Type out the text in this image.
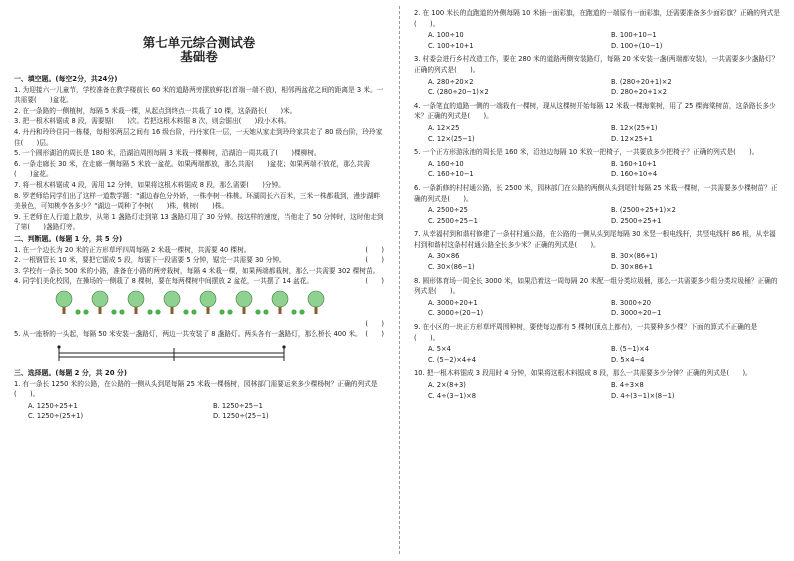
第七单元综合测试卷
基础卷
一、填空题。(每空2分，共24分)

1. 为迎接六一儿童节，学校准备在教学楼前长 60 米的道路两旁摆放鲜花(首端一端不放)，相邻两盆花之间的距离是 3 米。一共需要(　　)盆花。

2. 在一条路的一侧植树，每隔 5 米栽一棵，从起点到终点一共栽了 10 棵，这条路长(　　)米。

3. 把一根木料锯成 8 段，需要锯(　　)次。若把这根木料锯 8 次，则会锯出(　　)段小木料。

4. 丹丹和玲玲住同一栋楼，每相邻两层之间有 16 级台阶，丹丹家住一层，一天她从家走到玲玲家共走了 80 级台阶，玲玲家住(　　)层。

5. 一个圆形湖泊的周长是 180 米，沿湖泊周围每隔 3 米栽一棵柳树，沿湖泊一周共栽了(　　)棵柳树。

6. 一条走廊长 30 米，在走廊一侧每隔 5 米放一盆花。如果两端都放，那么共需(　　)盆花；如果两端不放花，那么共需(　　)盆花。

7. 将一根木料锯成 4 段，需用 12 分钟，如果将这根木料锯成 8 段，那么需要(　　)分钟。

8. 罗老师给同学们出了这样一道数学题："湖边春色分外娇，一株李树一株桃。环湖周长六百米，三米一株都栽到，漫步湖畔美景色，可知桃李各多少？"湖边一周种了李树(　　)株，桃树(　　)株。

9. 王老师在人行道上散步，从第 1 盏路灯走到第 13 盏路灯用了 30 分钟。按这样的速度，当他走了 50 分钟时，这时他走到了第(　　)盏路灯旁。

二、判断题。(每题 1 分，共 5 分)

1. 在一个边长为 20 米的正方形草坪四周每隔 2 米栽一棵树，共需要 40 棵树。	(　　)

2. 一根钢管长 10 米，要把它锯成 5 段，每锯下一段需要 5 分钟，锯完一共需要 30 分钟。	(　　)

3. 学校有一条长 500 米的小路，准备在小路的两旁栽树，每隔 4 米栽一棵，如果两端都栽树，那么一共需要 302 棵树苗。
(　　)

4. 同学们美化校园，在操场的一侧栽了 8 棵树，要在每两棵树中间摆放 2 盆花，一共摆了 14 盆花。

(　　)

5. 从一座桥的一头起，每隔 50 米安装一盏路灯，两边一共安装了 8 盏路灯。两头各有一盏路灯，那么桥长 400 米。 (　　)

三、选择题。(每题 2 分，共 20 分)

1. 有一条长 1250 米的公路，在公路的一侧从头到尾每隔 25 米栽一棵杨树，园林部门需要运来多少棵杨树？正确的列式是(　　)。

A. 1250÷25+1	B. 1250÷25−1
C. 1250÷(25+1)	D. 1250÷(25−1)

2. 在 100 米长的直跑道的外侧每隔 10 米插一面彩旗，在跑道的一端原有一面彩旗，还需要准备多少面彩旗？正确的列式是(　　)。

A. 100÷10	B. 100÷10−1
C. 100÷10+1	D. 100÷(10−1)

3. 村委会进行乡村改造工作，要在 280 米的道路两侧安装路灯，每隔 20 米安装一盏(两端都安装)，一共需要多少盏路灯？正确的列式是(　　)。

A. 280÷20×2	B. (280÷20+1)×2
C. (280÷20−1)×2	D. 280÷20+1×2

4. 一条笔直的道路一侧的一端栽有一棵树，现从这棵树开始每隔 12 米栽一棵海棠树，用了 25 棵海棠树苗，这条路长多少米？正确的列式是(　　)。

A. 12×25	B. 12×(25+1)
C. 12×(25−1)	D. 12×25+1

5. 一个正方形游泳池的周长是 160 米，沿池边每隔 10 米放一把椅子，一共要放多少把椅子？正确的列式是(　　)。

A. 160÷10	B. 160÷10+1
C. 160÷10−1	D. 160÷10÷4

6. 一条新修的村村通公路，长 2500 米，园林部门在公路的两侧从头到尾针每隔 25 米栽一棵树，一共需要多少棵树苗？正确的列式是(　　)。

A. 2500÷25	B. (2500÷25+1)×2
C. 2500÷25−1	D. 2500÷25+1

7. 从幸福村到和谐村修建了一条村村通公路，在公路的一侧从头到尾每隔 30 米竖一根电线杆，共竖电线杆 86 根，从幸福村到和谐村这条村村通公路全长多少米？正确的列式是(　　)。

A. 30×86	B. 30×(86+1)
C. 30×(86−1)	D. 30×86+1

8. 圆形体育场一周全长 3000 米，如果沿着这一周每隔 20 米配一组分类垃圾桶，那么一共需要多少组分类垃圾桶？正确的列式是(　　)。

A. 3000÷20+1	B. 3000÷20
C. 3000÷(20−1)	D. 3000÷20−1

9. 在小区的一块正方形草坪周围种树，要使每边都有 5 棵树(顶点上都有)，一共要种多少棵？下面的算式不正确的是(　　)。

A. 5×4	B. (5−1)×4
C. (5−2)×4+4	D. 5×4−4

10. 把一根木料锯成 3 段用时 4 分钟，如果将这根木料锯成 8 段，那么一共需要多少分钟？正确的列式是(　　)。

A. 2×(8+3)	B. 4÷3×8
C. 4÷(3−1)×8	D. 4÷(3−1)×(8−1)
